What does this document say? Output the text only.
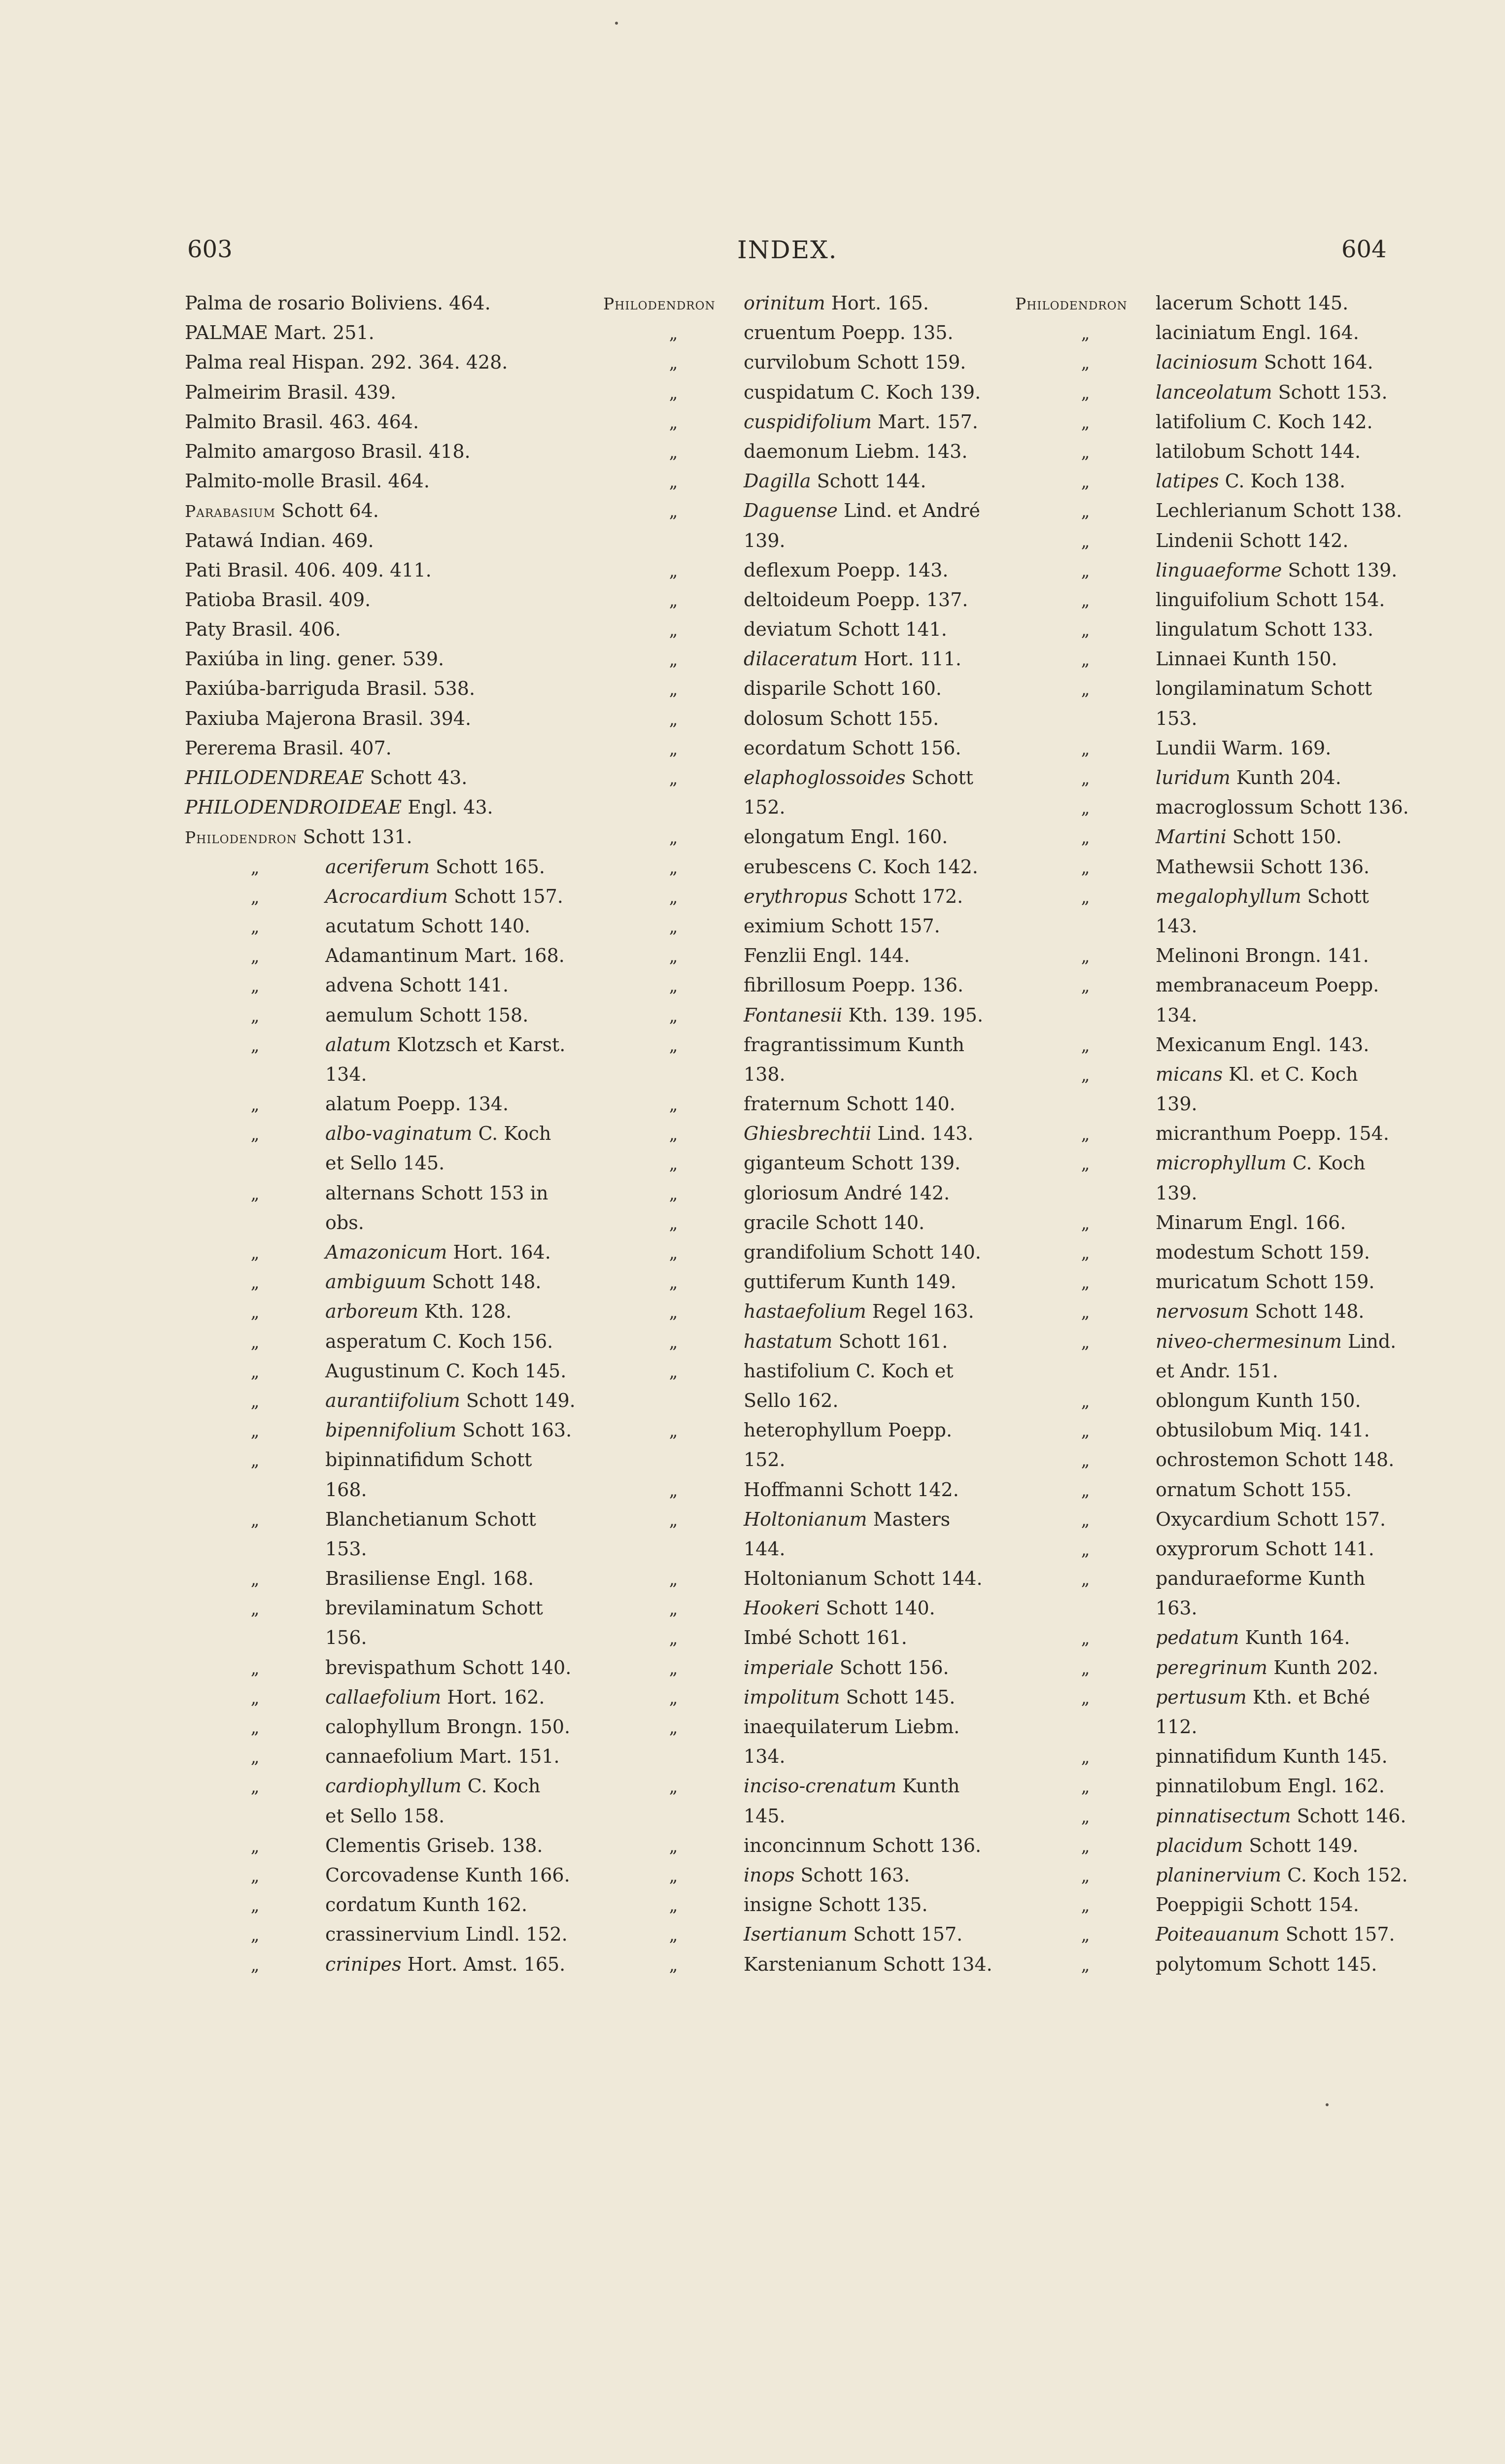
603	INDEX.	604
Palma de rosario Boliviens. 464.
PALMAE Mart. 251.
Palma real Hispan. 292. 364. 428.
Palmeirim Brasil. 439.
Palmito Brasil. 463. 464.
Palmito amargoso Brasil. 418.
Palmito-molle Brasil. 464.
Parabasium Schott 64.
Patawá Indian. 469.
Pati Brasil. 406. 409. 411.
Patioba Brasil. 409.
Paty Brasil. 406.
Paxiúba in ling. gener. 539.
Paxiúba-barriguda Brasil. 538.
Paxiuba Majerona Brasil. 394.
Pererema Brasil. 407.
PHILODENDREAE Schott 43.
PHILODENDROIDEAE Engl. 43.
Philodendron Schott 131.
„	aceriferum Schott 165.
„	Acrocardium Schott 157.
„	acutatum Schott 140.
„	Adamantinum Mart. 168.
„	advena Schott 141.
„	aemulum Schott 158.
„	alatum Klotzsch et Karst.
134.
„	alatum Poepp. 134.
„	albo-vaginatum C. Koch
et Sello 145.
„	alternans Schott 153 in
obs.
„	Amazonicum Hort. 164.
„	ambiguum Schott 148.
„	arboreum Kth. 128.
„	asperatum C. Koch 156.
„	Augustinum C. Koch 145.
„	aurantiifolium Schott 149.
„	bipennifolium Schott 163.
„	bipinnatifidum Schott
168.
„	Blanchetianum Schott
153.
„	Brasiliense Engl. 168.
„	brevilaminatum Schott
156.
„	brevispathum Schott 140.
„	callaefolium Hort. 162.
„	calophyllum Brongn. 150.
„	cannaefolium Mart. 151.
„	cardiophyllum C. Koch
et Sello 158.
„	Clementis Griseb. 138.
„	Corcovadense Kunth 166.
„	cordatum Kunth 162.
„	crassinervium Lindl. 152.
„	crinipes Hort. Amst. 165.
Philodendron orinitum Hort. 165.
„	cruentum Poepp. 135.
„	curvilobum Schott 159.
„	cuspidatum C. Koch 139.
„	cuspidifolium Mart. 157.
„	daemonum Liebm. 143.
„	Dagilla Schott 144.
„	Daguense Lind. et André
139.
„	deflexum Poepp. 143.
„	deltoideum Poepp. 137.
„	deviatum Schott 141.
„	dilaceratum Hort. 111.
„	disparile Schott 160.
„	dolosum Schott 155.
„	ecordatum Schott 156.
„	elaphoglossoides Schott
152.
„	elongatum Engl. 160.
„	erubescens C. Koch 142.
„	erythropus Schott 172.
„	eximium Schott 157.
„	Fenzlii Engl. 144.
„	fibrillosum Poepp. 136.
„	Fontanesii Kth. 139. 195.
„	fragrantissimum Kunth
138.
„	fraternum Schott 140.
„	Ghiesbrechtii Lind. 143.
„	giganteum Schott 139.
„	gloriosum André 142.
„	gracile Schott 140.
„	grandifolium Schott 140.
„	guttiferum Kunth 149.
„	hastaefolium Regel 163.
„	hastatum Schott 161.
„	hastifolium C. Koch et
Sello 162.
„	heterophyllum Poepp.
152.
„	Hoffmanni Schott 142.
„	Holtonianum Masters
144.
„	Holtonianum Schott 144.
„	Hookeri Schott 140.
„	Imbé Schott 161.
„	imperiale Schott 156.
„	impolitum Schott 145.
„	inaequilaterum Liebm.
134.
„	inciso-crenatum Kunth
145.
„	inconcinnum Schott 136.
„	inops Schott 163.
„	insigne Schott 135.
„	Isertianum Schott 157.
„	Karstenianum Schott 134.
Philodendron lacerum Schott 145.
„	laciniatum Engl. 164.
„	laciniosum Schott 164.
„	lanceolatum Schott 153.
„	latifolium C. Koch 142.
„	latilobum Schott 144.
„	latipes C. Koch 138.
„	Lechlerianum Schott 138.
„	Lindenii Schott 142.
„	linguaeforme Schott 139.
„	linguifolium Schott 154.
„	lingulatum Schott 133.
„	Linnaei Kunth 150.
„	longilaminatum Schott
153.
„	Lundii Warm. 169.
„	luridum Kunth 204.
„	macroglossum Schott 136.
„	Martini Schott 150.
„	Mathewsii Schott 136.
„	megalophyllum Schott
143.
„	Melinoni Brongn. 141.
„	membranaceum Poepp.
134.
„	Mexicanum Engl. 143.
„	micans Kl. et C. Koch
139.
„	micranthum Poepp. 154.
„	microphyllum C. Koch
139.
„	Minarum Engl. 166.
„	modestum Schott 159.
„	muricatum Schott 159.
„	nervosum Schott 148.
„	niveo-chermesinum Lind.
et Andr. 151.
„	oblongum Kunth 150.
„	obtusilobum Miq. 141.
„	ochrostemon Schott 148.
„	ornatum Schott 155.
„	Oxycardium Schott 157.
„	oxyprorum Schott 141.
„	panduraeforme Kunth
163.
„	pedatum Kunth 164.
„	peregrinum Kunth 202.
„	pertusum Kth. et Bché
112.
„	pinnatifidum Kunth 145.
„	pinnatilobum Engl. 162.
„	pinnatisectum Schott 146.
„	placidum Schott 149.
„	planinervium C. Koch 152.
„	Poeppigii Schott 154.
„	Poiteauanum Schott 157.
„	polytomum Schott 145.
